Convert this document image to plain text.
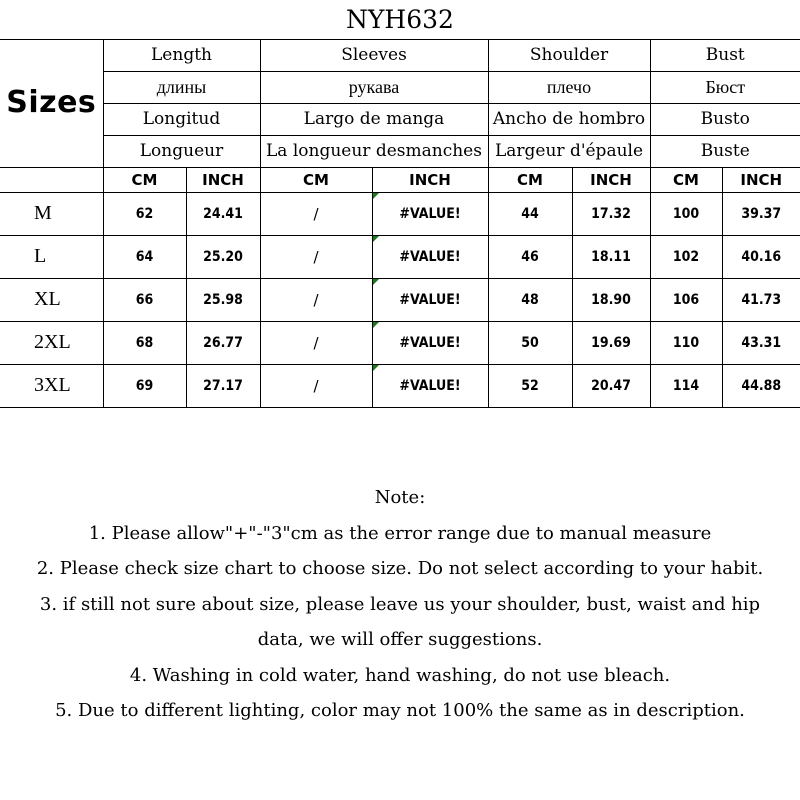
NYH632
Sizes	Length		Sleeves		Shoulder		Bust	
	длины		рукава		плечо		Бюст	
	Longitud		Largo de manga		Ancho de hombro		Busto	
	Longueur		La longueur desmanches		Largeur d'épaule		Buste	
	CM	INCH	CM	INCH	CM	INCH	CM	INCH
M	62	24.41	/	#VALUE!	44	17.32	100	39.37
L	64	25.20	/	#VALUE!	46	18.11	102	40.16
XL	66	25.98	/	#VALUE!	48	18.90	106	41.73
2XL	68	26.77	/	#VALUE!	50	19.69	110	43.31
3XL	69	27.17	/	#VALUE!	52	20.47	114	44.88

Note:

1. Please allow"+"-"3"cm as the error range due to manual measure

2. Please check size chart to choose size. Do not select according to your habit.

3. if still not sure about size, please leave us your shoulder, bust, waist and hip

data, we will offer suggestions.

4. Washing in cold water, hand washing, do not use bleach.

5. Due to different lighting, color may not 100% the same as in description.
